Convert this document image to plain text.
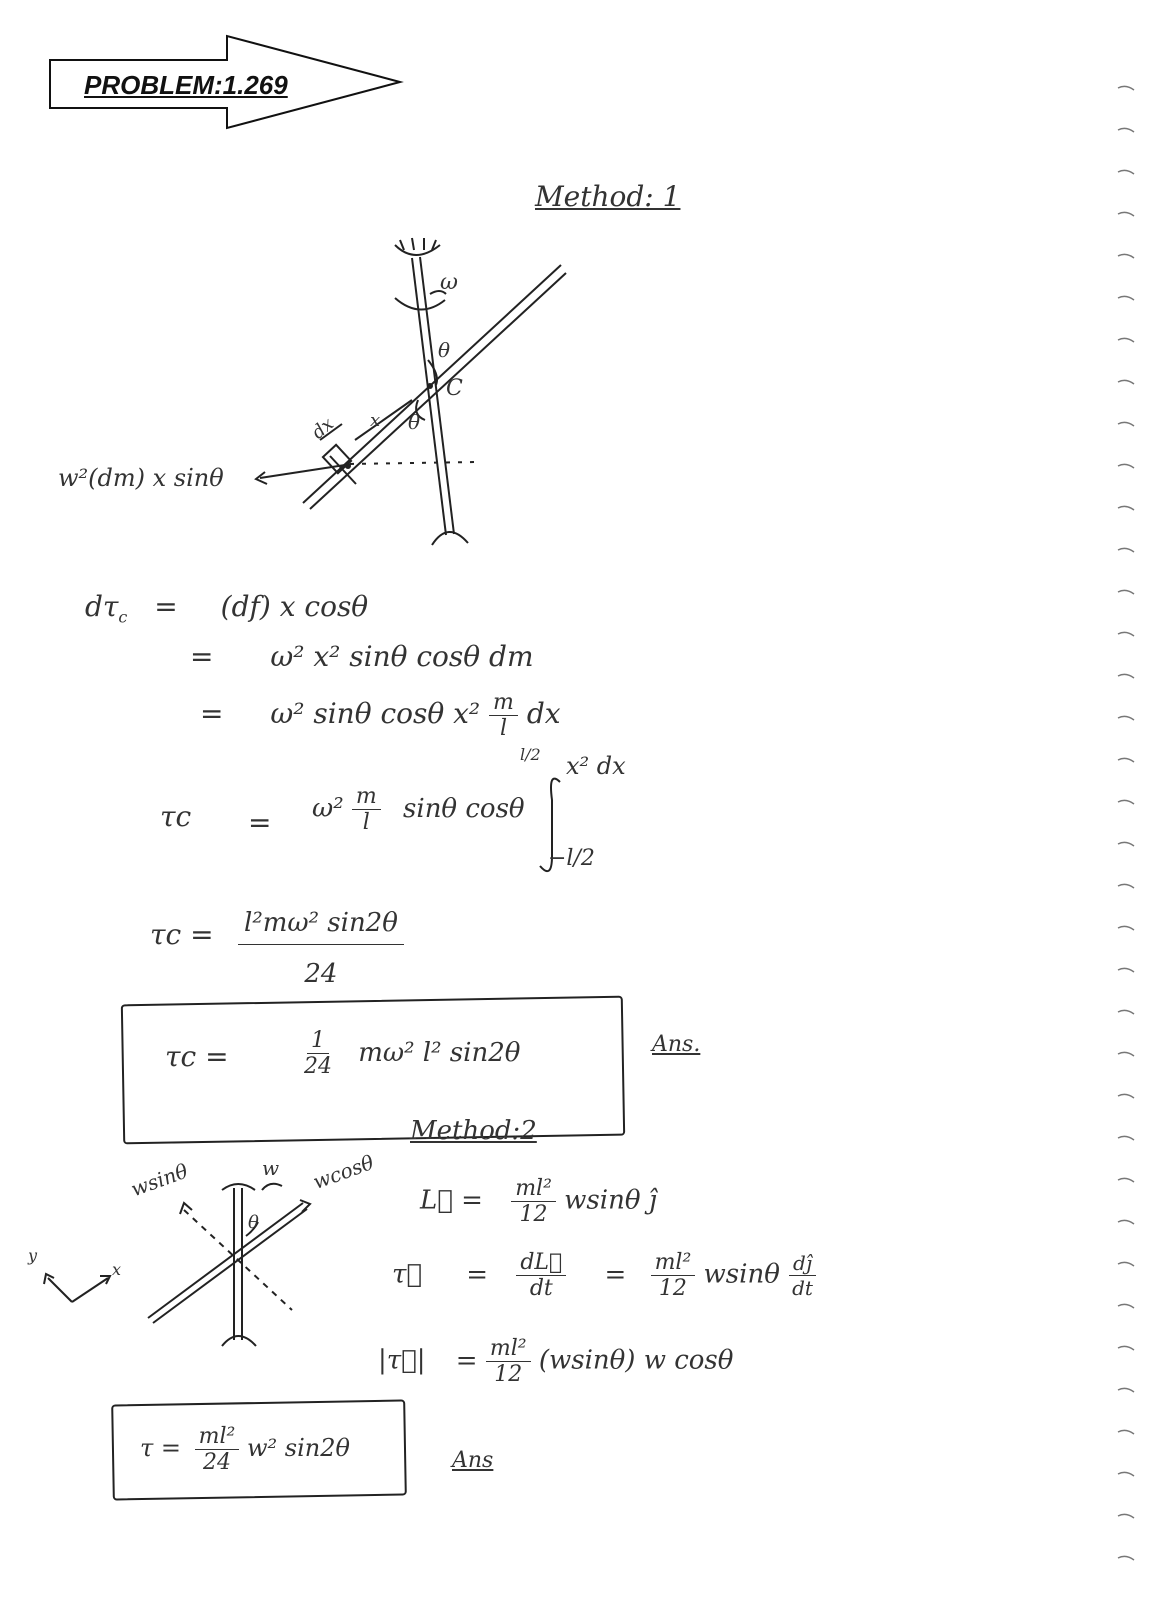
PROBLEM:1.269
Method: 1
ω
θ
θ
C
x
dx
w²(dm) x sinθ
$d\tau_c = (df)$ x cosθ
= ω² x² sinθ cosθ dm
= ω² sinθ cosθ $x^2 \frac{m}{l}$ dx
$\tau c = \omega^2 \frac{m}{l}$ sinθ cosθ
l/2 x² dx
−l/2
$\tau c = \frac{\text{l²mω² sin2θ}}{24}$
τc =	$\frac{1}{24} m\omega^2$ l² sin2θ	Ans.
Method:2
wsinθ	w wcosθ
θ
y
x
L⃗ = $\frac{\text{ml²}}{12}$ wsinθ ĵ
τ⃗ = $\frac{dL⃗}{dt} = \frac{\text{ml²}}{12}$ wsinθ $\frac{dĵ}{dt}$
|τ⃗| = $\frac{\text{ml²}}{12} (wsin\theta)$ w cosθ
$\tau = \frac{\text{ml²}}{24} w^2$ sin2θ	Ans
